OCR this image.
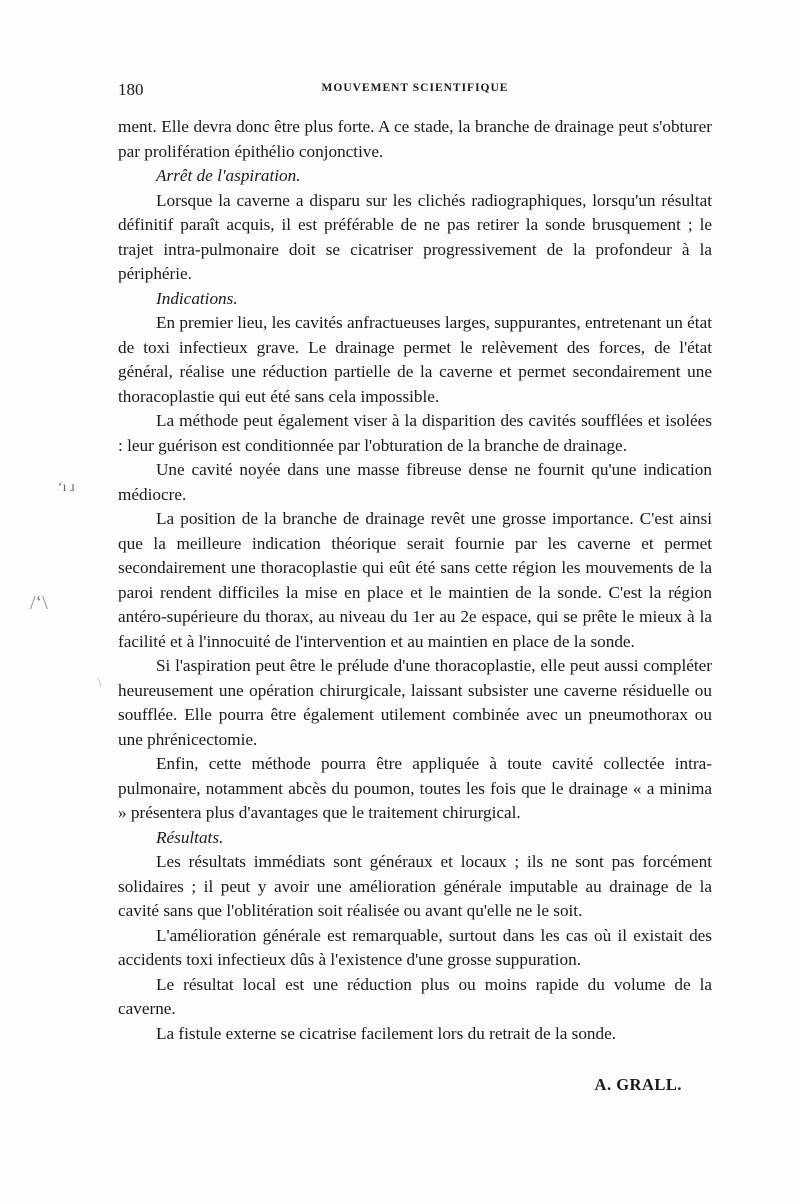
180	MOUVEMENT SCIENTIFIQUE
ʻı ɹ
/ʻ\
\

ment. Elle devra donc être plus forte. A ce stade, la branche de drainage peut s'obturer par prolifération épithélio conjonctive.

Arrêt de l'aspiration.

Lorsque la caverne a disparu sur les clichés radiographiques, lorsqu'un résultat définitif paraît acquis, il est préférable de ne pas retirer la sonde brusquement ; le trajet intra-pulmonaire doit se cicatriser progressivement de la profondeur à la périphérie.

Indications.

En premier lieu, les cavités anfractueuses larges, suppurantes, entretenant un état de toxi infectieux grave. Le drainage permet le relèvement des forces, de l'état général, réalise une réduction partielle de la caverne et permet secondairement une thoracoplastie qui eut été sans cela impossible.

La méthode peut également viser à la disparition des cavités soufflées et isolées : leur guérison est conditionnée par l'obturation de la branche de drainage.

Une cavité noyée dans une masse fibreuse dense ne fournit qu'une indication médiocre.

La position de la branche de drainage revêt une grosse importance. C'est ainsi que la meilleure indication théorique serait fournie par les caverne et permet secondairement une thoracoplastie qui eût été sans cette région les mouvements de la paroi rendent difficiles la mise en place et le maintien de la sonde. C'est la région antéro-supérieure du thorax, au niveau du 1er au 2e espace, qui se prête le mieux à la facilité et à l'innocuité de l'intervention et au maintien en place de la sonde.

Si l'aspiration peut être le prélude d'une thoracoplastie, elle peut aussi compléter heureusement une opération chirurgicale, laissant subsister une caverne résiduelle ou soufflée. Elle pourra être également utilement combinée avec un pneumothorax ou une phrénicectomie.

Enfin, cette méthode pourra être appliquée à toute cavité collectée intra-pulmonaire, notamment abcès du poumon, toutes les fois que le drainage « a minima » présentera plus d'avantages que le traitement chirurgical.

Résultats.

Les résultats immédiats sont généraux et locaux ; ils ne sont pas forcément solidaires ; il peut y avoir une amélioration générale imputable au drainage de la cavité sans que l'oblitération soit réalisée ou avant qu'elle ne le soit.

L'amélioration générale est remarquable, surtout dans les cas où il existait des accidents toxi infectieux dûs à l'existence d'une grosse suppuration.

Le résultat local est une réduction plus ou moins rapide du volume de la caverne.

La fistule externe se cicatrise facilement lors du retrait de la sonde.

A. GRALL.
